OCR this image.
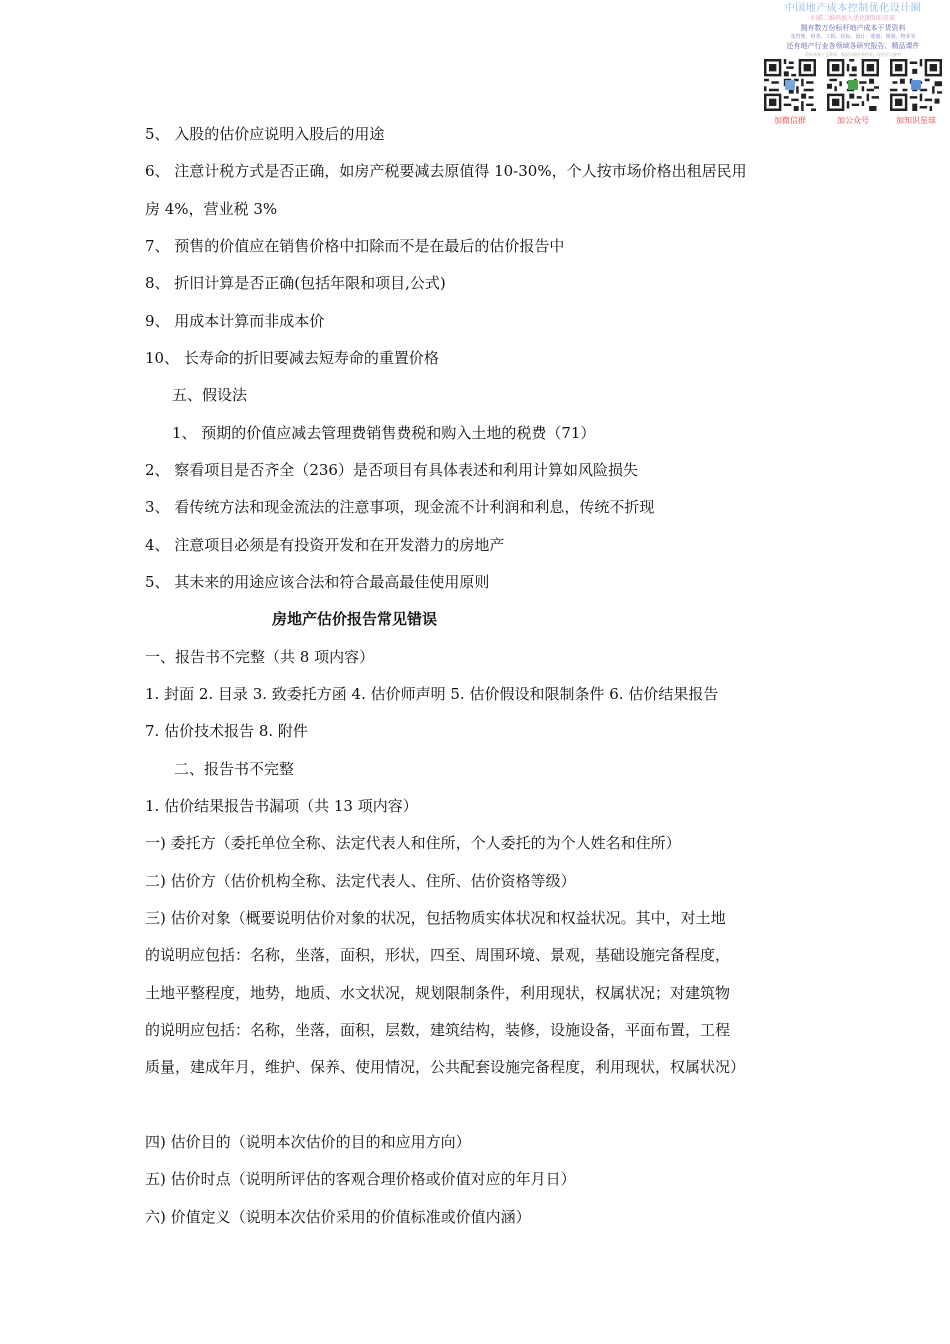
中国地产成本控制优化设计圈
扫描二维码加入优化圈知识星球
拥有数万份标杆地产成本干货资料
及管理、财务、工程、招标、设计、策划、规划、物业等
还有地产行业各领域各研究报告、精品课件
资料来源于互联网，版权归原作者所有，仅供学习参考
加微信群	加公众号	加知识星球
5、 入股的估价应说明入股后的用途
6、 注意计税方式是否正确，如房产税要减去原值得 10-30%，个人按市场价格出租居民用
房 4%，营业税 3%
7、 预售的价值应在销售价格中扣除而不是在最后的估价报告中
8、 折旧计算是否正确(包括年限和项目,公式)
9、 用成本计算而非成本价
10、 长寿命的折旧要减去短寿命的重置价格
五、假设法
1、 预期的价值应减去管理费销售费税和购入土地的税费（71）
2、 察看项目是否齐全（236）是否项目有具体表述和利用计算如风险损失
3、 看传统方法和现金流法的注意事项，现金流不计利润和利息，传统不折现
4、 注意项目必须是有投资开发和在开发潜力的房地产
5、 其未来的用途应该合法和符合最高最佳使用原则
房地产估价报告常见错误
一、报告书不完整（共 8 项内容）
1. 封面 2. 目录 3. 致委托方函 4. 估价师声明 5. 估价假设和限制条件 6. 估价结果报告
7. 估价技术报告 8. 附件
二、报告书不完整
1. 估价结果报告书漏项（共 13 项内容）
一) 委托方（委托单位全称、法定代表人和住所，个人委托的为个人姓名和住所）
二) 估价方（估价机构全称、法定代表人、住所、估价资格等级）
三) 估价对象（概要说明估价对象的状况，包括物质实体状况和权益状况。其中，对土地
的说明应包括：名称，坐落，面积，形状，四至、周围环境、景观，基础设施完备程度，
土地平整程度，地势，地质、水文状况，规划限制条件，利用现状，权属状况；对建筑物
的说明应包括：名称，坐落，面积，层数，建筑结构，装修，设施设备，平面布置，工程
质量，建成年月，维护、保养、使用情况，公共配套设施完备程度，利用现状，权属状况）
四) 估价目的（说明本次估价的目的和应用方向）
五) 估价时点（说明所评估的客观合理价格或价值对应的年月日）
六) 价值定义（说明本次估价采用的价值标准或价值内涵）
